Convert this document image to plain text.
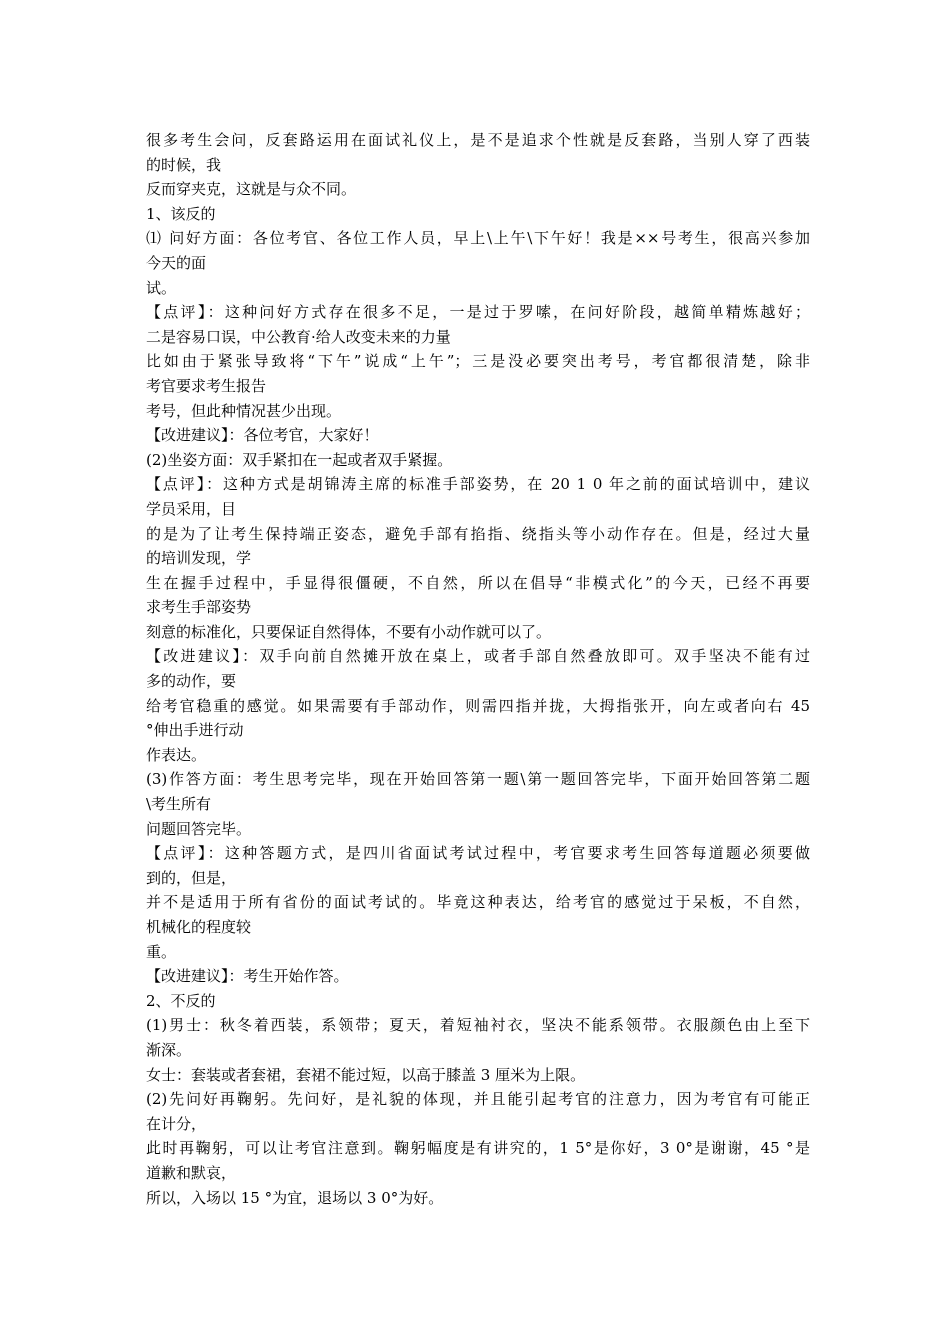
很多考生会问，反套路运用在面试礼仪上，是不是追求个性就是反套路，当别人穿了西装
的时候，我
反而穿夹克，这就是与众不同。
1、该反的
⑴ 问好方面：各位考官、各位工作人员，早上\上午\下午好！我是××号考生，很高兴参加
今天的面
试。
【点评】：这种问好方式存在很多不足，一是过于罗嗦，在问好阶段，越简单精炼越好；
二是容易口误，中公教育·给人改变未来的力量
比如由于紧张导致将“下午”说成“上午”；三是没必要突出考号，考官都很清楚，除非
考官要求考生报告
考号，但此种情况甚少出现。
【改进建议】：各位考官，大家好！
(2)坐姿方面：双手紧扣在一起或者双手紧握。
【点评】：这种方式是胡锦涛主席的标准手部姿势，在 20 1 0 年之前的面试培训中，建议
学员采用，目
的是为了让考生保持端正姿态，避免手部有掐指、绕指头等小动作存在。但是，经过大量
的培训发现，学
生在握手过程中，手显得很僵硬，不自然，所以在倡导“非模式化”的今天，已经不再要
求考生手部姿势
刻意的标准化，只要保证自然得体，不要有小动作就可以了。
【改进建议】：双手向前自然摊开放在桌上，或者手部自然叠放即可。双手坚决不能有过
多的动作，要
给考官稳重的感觉。如果需要有手部动作，则需四指并拢，大拇指张开，向左或者向右 45
°伸出手进行动
作表达。
(3)作答方面：考生思考完毕，现在开始回答第一题\第一题回答完毕，下面开始回答第二题
\考生所有
问题回答完毕。
【点评】：这种答题方式，是四川省面试考试过程中，考官要求考生回答每道题必须要做
到的，但是，
并不是适用于所有省份的面试考试的。毕竟这种表达，给考官的感觉过于呆板，不自然，
机械化的程度较
重。
【改进建议】：考生开始作答。
2、不反的
(1)男士：秋冬着西装，系领带；夏天，着短袖衬衣，坚决不能系领带。衣服颜色由上至下
渐深。
女士：套装或者套裙，套裙不能过短，以高于膝盖 3 厘米为上限。
(2)先问好再鞠躬。先问好，是礼貌的体现，并且能引起考官的注意力，因为考官有可能正
在计分，
此时再鞠躬，可以让考官注意到。鞠躬幅度是有讲究的，1 5°是你好，3 0°是谢谢，45 °是
道歉和默哀，
所以，入场以 15 °为宜，退场以 3 0°为好。
